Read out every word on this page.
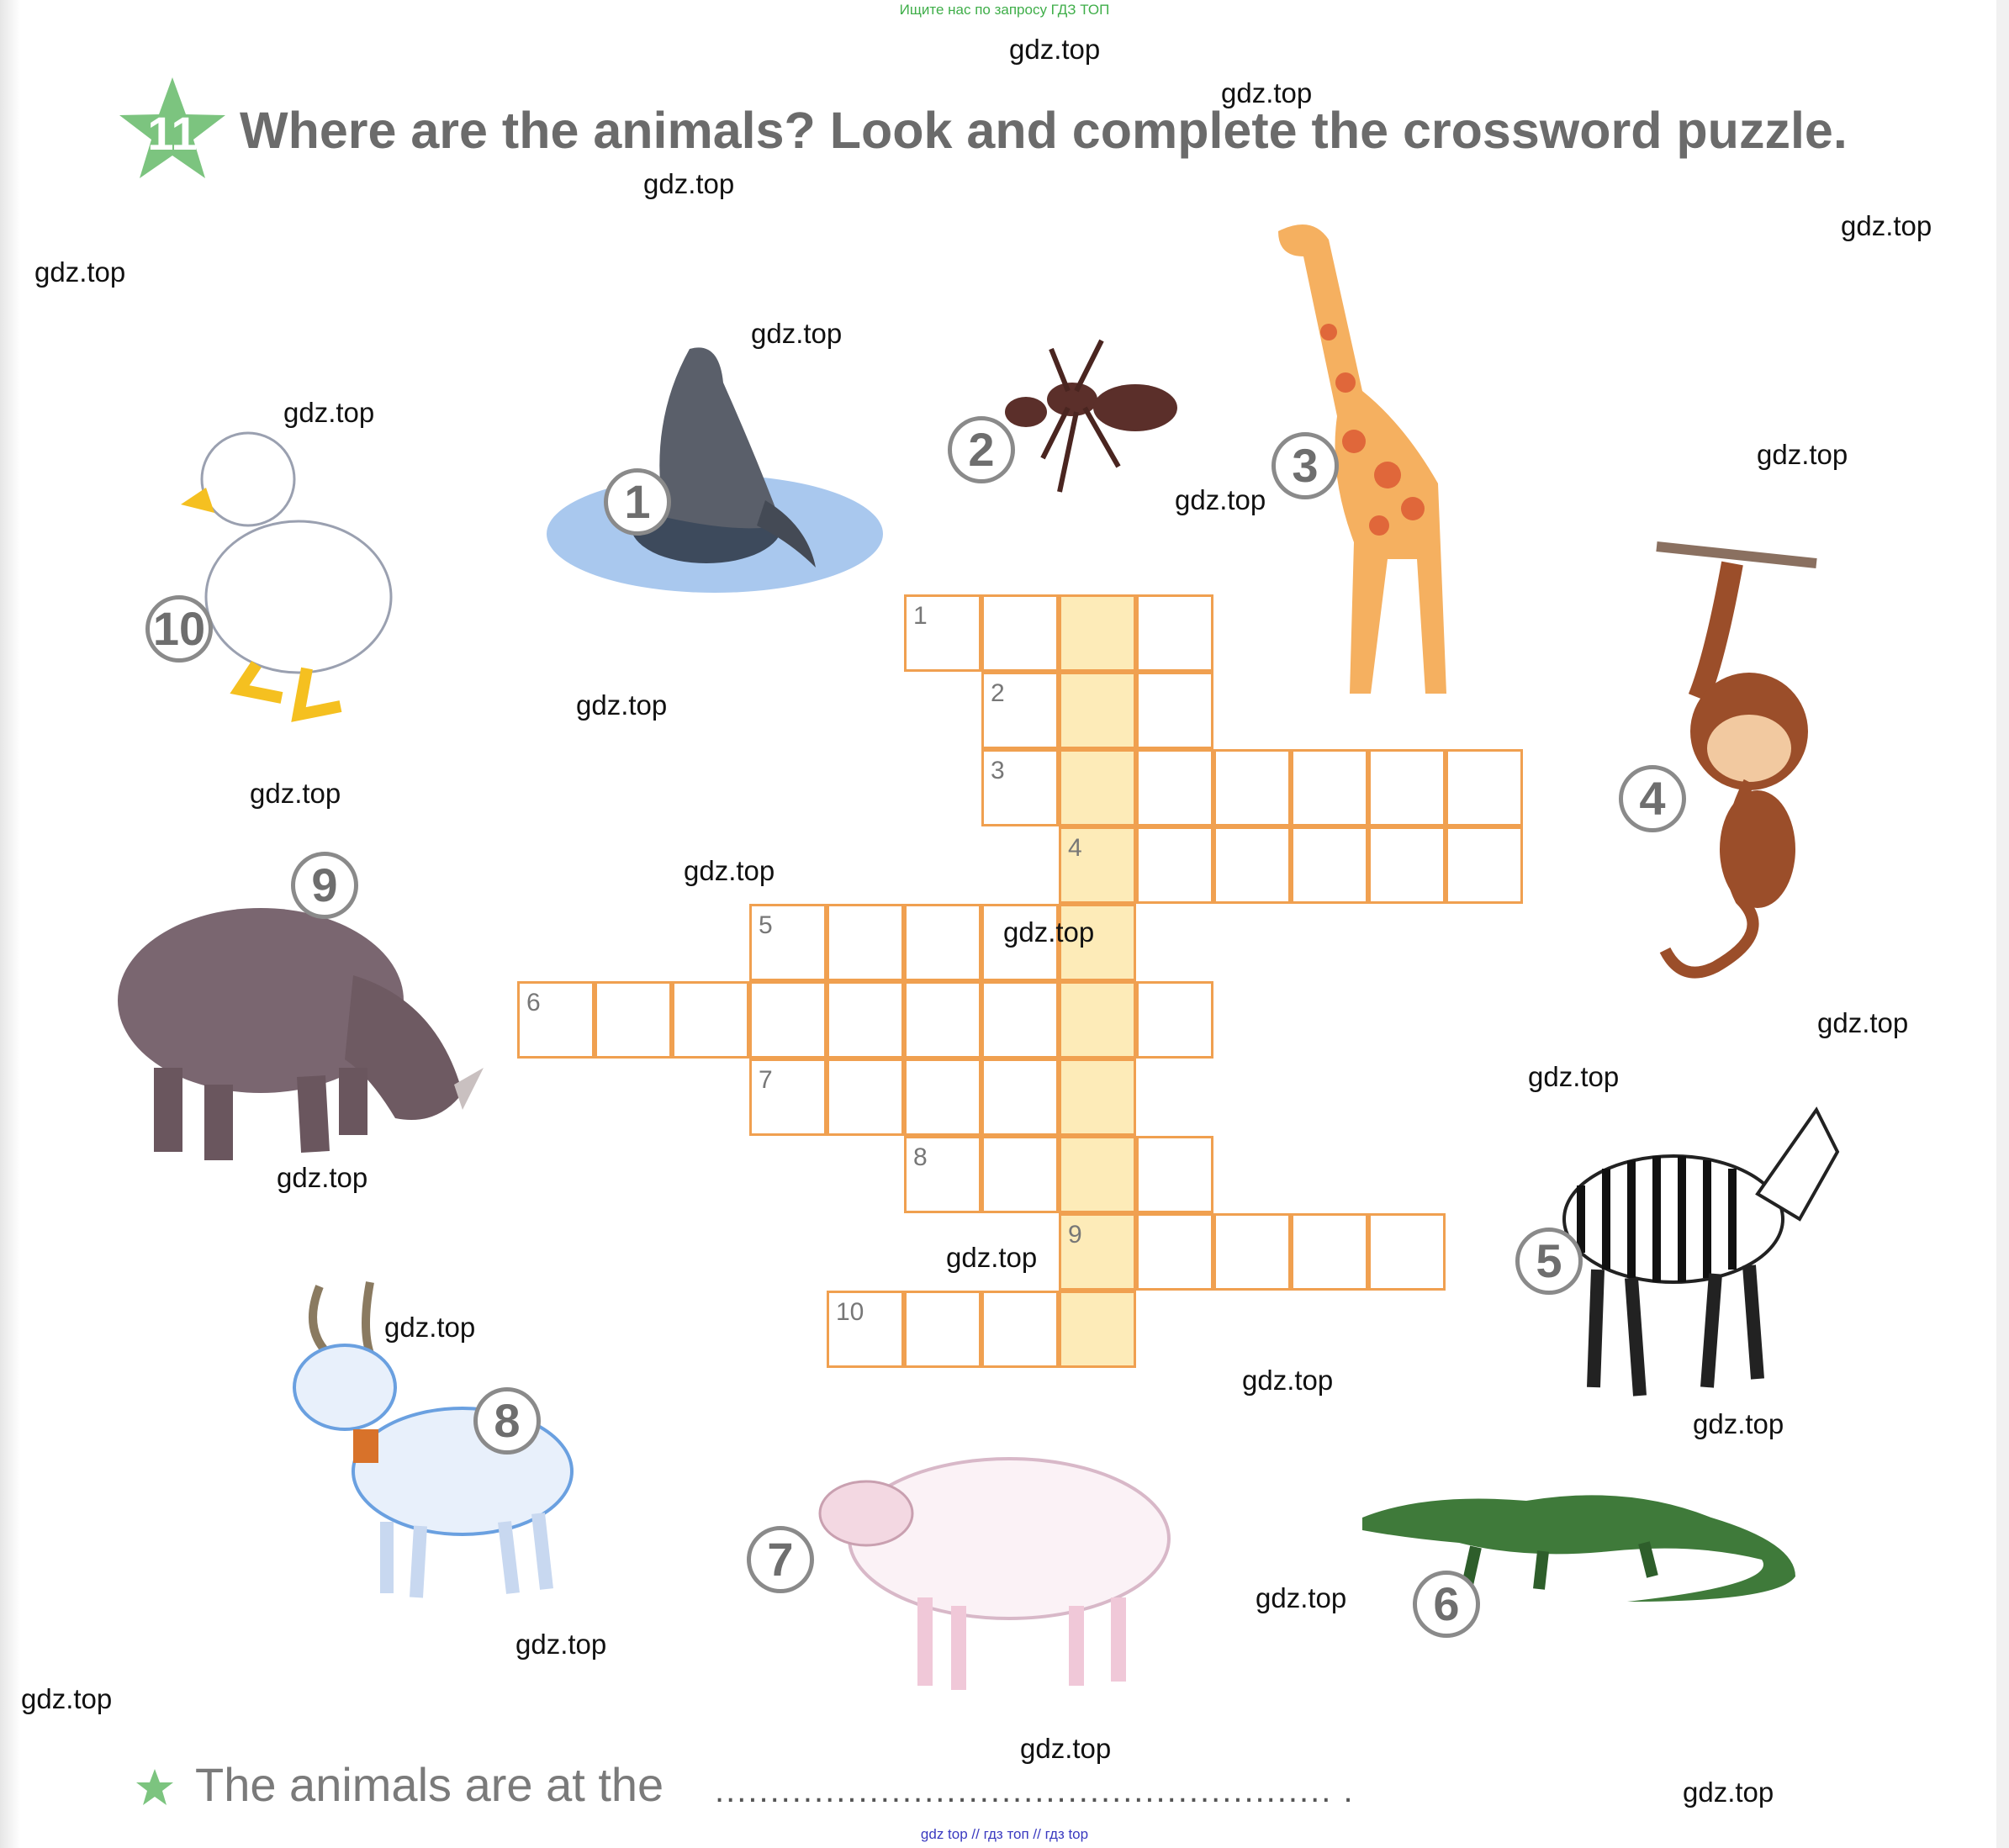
Ищите нас по запросу ГДЗ ТОП
11 Where are the animals? Look and complete the crossword puzzle.
1
2	3
4
5
6
7
8
9
10	1
2
3
4
5
6
7
8
9
10
The animals are at the ........................................................ .
gdz.top
gdz.top
gdz.top
gdz.top
gdz.top
gdz.top
gdz.top
gdz.top
gdz.top
gdz.top
gdz.top
gdz.top
gdz.top
gdz.top
gdz.top
gdz.top
gdz.top
gdz.top
gdz.top
gdz.top
gdz.top
gdz.top
gdz.top
gdz.top
gdz.top
gdz top // гдз топ // гдз top
